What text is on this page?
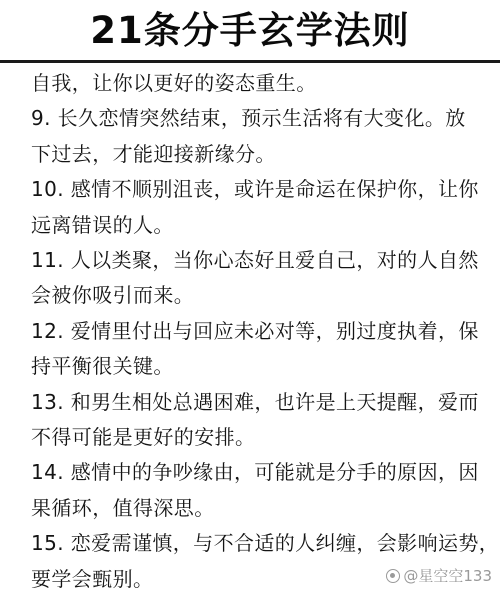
21条分手玄学法则
自我，让你以更好的姿态重生。
9. 长久恋情突然结束，预示生活将有大变化。放
下过去，才能迎接新缘分。
10. 感情不顺别沮丧，或许是命运在保护你，让你
远离错误的人。
11. 人以类聚，当你心态好且爱自己，对的人自然
会被你吸引而来。
12. 爱情里付出与回应未必对等，别过度执着，保
持平衡很关键。
13. 和男生相处总遇困难，也许是上天提醒，爱而
不得可能是更好的安排。
14. 感情中的争吵缘由，可能就是分手的原因，因
果循环，值得深思。
15. 恋爱需谨慎，与不合适的人纠缠，会影响运势，
要学会甄别。	@星空空133
